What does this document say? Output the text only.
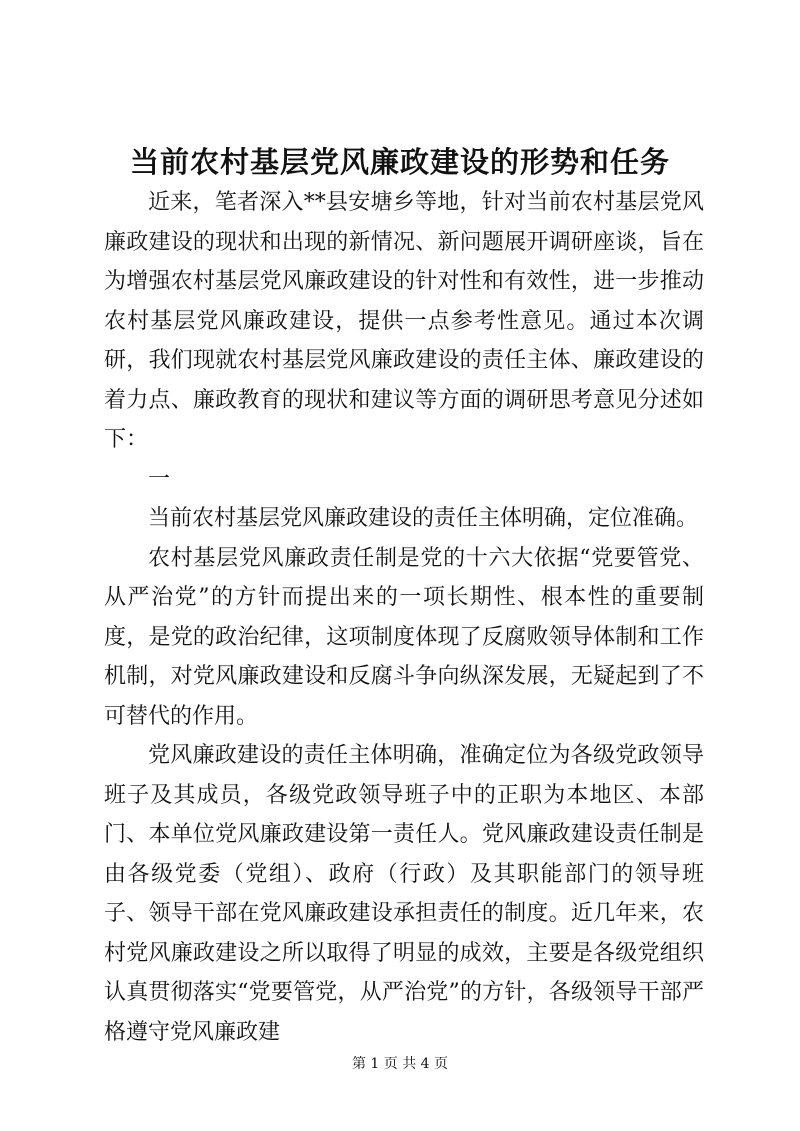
当前农村基层党风廉政建设的形势和任务

近来，笔者深入**县安塘乡等地，针对当前农村基层党风廉政建设的现状和出现的新情况、新问题展开调研座谈，旨在为增强农村基层党风廉政建设的针对性和有效性，进一步推动农村基层党风廉政建设，提供一点参考性意见。通过本次调研，我们现就农村基层党风廉政建设的责任主体、廉政建设的着力点、廉政教育的现状和建议等方面的调研思考意见分述如下：

一

当前农村基层党风廉政建设的责任主体明确，定位准确。

农村基层党风廉政责任制是党的十六大依据“党要管党、从严治党”的方针而提出来的一项长期性、根本性的重要制度，是党的政治纪律，这项制度体现了反腐败领导体制和工作机制，对党风廉政建设和反腐斗争向纵深发展，无疑起到了不可替代的作用。

党风廉政建设的责任主体明确，准确定位为各级党政领导班子及其成员，各级党政领导班子中的正职为本地区、本部门、本单位党风廉政建设第一责任人。党风廉政建设责任制是由各级党委（党组）、政府（行政）及其职能部门的领导班子、领导干部在党风廉政建设承担责任的制度。近几年来，农村党风廉政建设之所以取得了明显的成效，主要是各级党组织认真贯彻落实“党要管党，从严治党”的方针，各级领导干部严格遵守党风廉政建

第 1 页 共 4 页
